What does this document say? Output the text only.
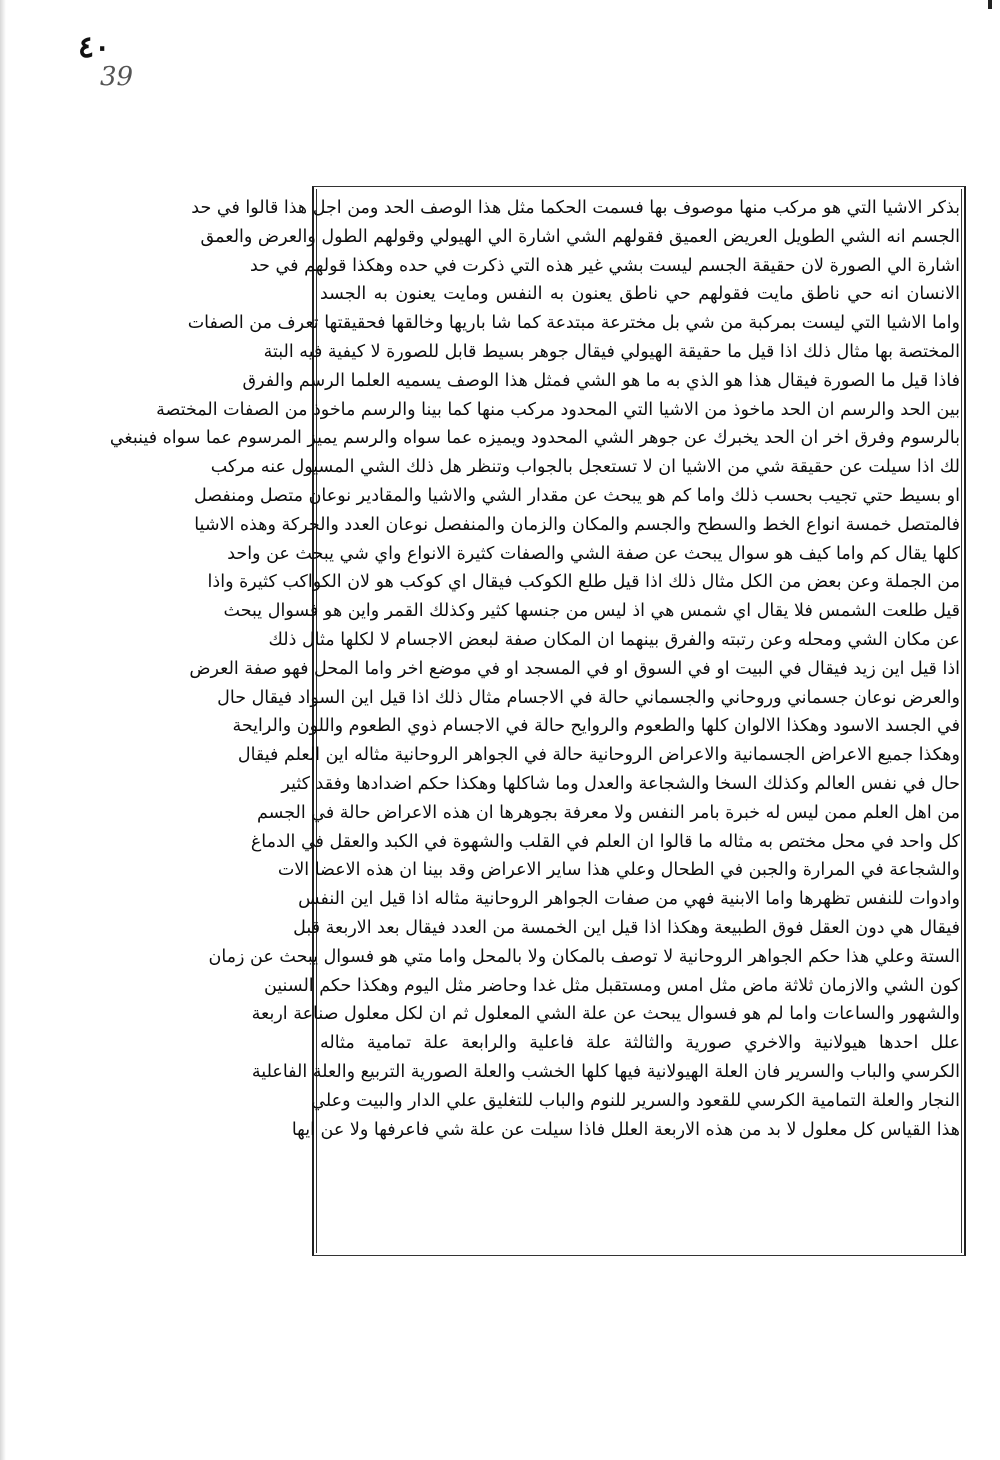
٤٠
39
بذكر الاشيا التي هو مركب منها موصوف بها فسمت الحكما مثل هذا الوصف الحد ومن اجل هذا قالوا في حد
الجسم انه الشي الطويل العريض العميق فقولهم الشي اشارة الي الهيولي وقولهم الطول والعرض والعمق
اشارة الي الصورة لان حقيقة الجسم ليست بشي غير هذه التي ذكرت في حده وهكذا قولهم في حد
الانسان انه حي ناطق مايت فقولهم حي ناطق يعنون به النفس ومايت يعنون به الجسد
واما الاشيا التي ليست بمركبة من شي بل مخترعة مبتدعة كما شا باريها وخالقها فحقيقتها تعرف من الصفات
المختصة بها مثال ذلك اذا قيل ما حقيقة الهيولي فيقال جوهر بسيط قابل للصورة لا كيفية فيه البتة
فاذا قيل ما الصورة فيقال هذا هو الذي به ما هو الشي فمثل هذا الوصف يسميه العلما الرسم والفرق
بين الحد والرسم ان الحد ماخوذ من الاشيا التي المحدود مركب منها كما بينا والرسم ماخوذ من الصفات المختصة
بالرسوم وفرق اخر ان الحد يخبرك عن جوهر الشي المحدود ويميزه عما سواه والرسم يميز المرسوم عما سواه فينبغي
لك اذا سيلت عن حقيقة شي من الاشيا ان لا تستعجل بالجواب وتنظر هل ذلك الشي المسيول عنه مركب
او بسيط حتي تجيب بحسب ذلك واما كم هو يبحث عن مقدار الشي والاشيا والمقادير نوعان متصل ومنفصل
فالمتصل خمسة انواع الخط والسطح والجسم والمكان والزمان والمنفصل نوعان العدد والحركة وهذه الاشيا
كلها يقال كم واما كيف هو سوال يبحث عن صفة الشي والصفات كثيرة الانواع واي شي يبحث عن واحد
من الجملة وعن بعض من الكل مثال ذلك اذا قيل طلع الكوكب فيقال اي كوكب هو لان الكواكب كثيرة واذا
قيل طلعت الشمس فلا يقال اي شمس هي اذ ليس من جنسها كثير وكذلك القمر واين هو فسوال يبحث
عن مكان الشي ومحله وعن رتبته والفرق بينهما ان المكان صفة لبعض الاجسام لا لكلها مثال ذلك
اذا قيل اين زيد فيقال في البيت او في السوق او في المسجد او في موضع اخر واما المحل فهو صفة العرض
والعرض نوعان جسماني وروحاني والجسماني حالة في الاجسام مثال ذلك اذا قيل اين السواد فيقال حال
في الجسد الاسود وهكذا الالوان كلها والطعوم والروايح حالة في الاجسام ذوي الطعوم واللون والرايحة
وهكذا جميع الاعراض الجسمانية والاعراض الروحانية حالة في الجواهر الروحانية مثاله اين العلم فيقال
حال في نفس العالم وكذلك السخا والشجاعة والعدل وما شاكلها وهكذا حكم اضدادها وفقد كثير
من اهل العلم ممن ليس له خبرة بامر النفس ولا معرفة بجوهرها ان هذه الاعراض حالة في الجسم
كل واحد في محل مختص به مثاله ما قالوا ان العلم في القلب والشهوة في الكبد والعقل في الدماغ
والشجاعة في المرارة والجبن في الطحال وعلي هذا ساير الاعراض وقد بينا ان هذه الاعضا الات
وادوات للنفس تظهرها واما الابنية فهي من صفات الجواهر الروحانية مثاله اذا قيل اين النفس
فيقال هي دون العقل فوق الطبيعة وهكذا اذا قيل اين الخمسة من العدد فيقال بعد الاربعة قبل
الستة وعلي هذا حكم الجواهر الروحانية لا توصف بالمكان ولا بالمحل واما متي هو فسوال يبحث عن زمان
كون الشي والازمان ثلاثة ماض مثل امس ومستقبل مثل غدا وحاضر مثل اليوم وهكذا حكم السنين
والشهور والساعات واما لم هو فسوال يبحث عن علة الشي المعلول ثم ان لكل معلول صناعة اربعة
علل احدها هيولانية والاخري صورية والثالثة علة فاعلية والرابعة علة تمامية مثاله
الكرسي والباب والسرير فان العلة الهيولانية فيها كلها الخشب والعلة الصورية التربيع والعلة الفاعلية
النجار والعلة التمامية الكرسي للقعود والسرير للنوم والباب للتغليق علي الدار والبيت وعلي
هذا القياس كل معلول لا بد من هذه الاربعة العلل فاذا سيلت عن علة شي فاعرفها ولا عن ايها
